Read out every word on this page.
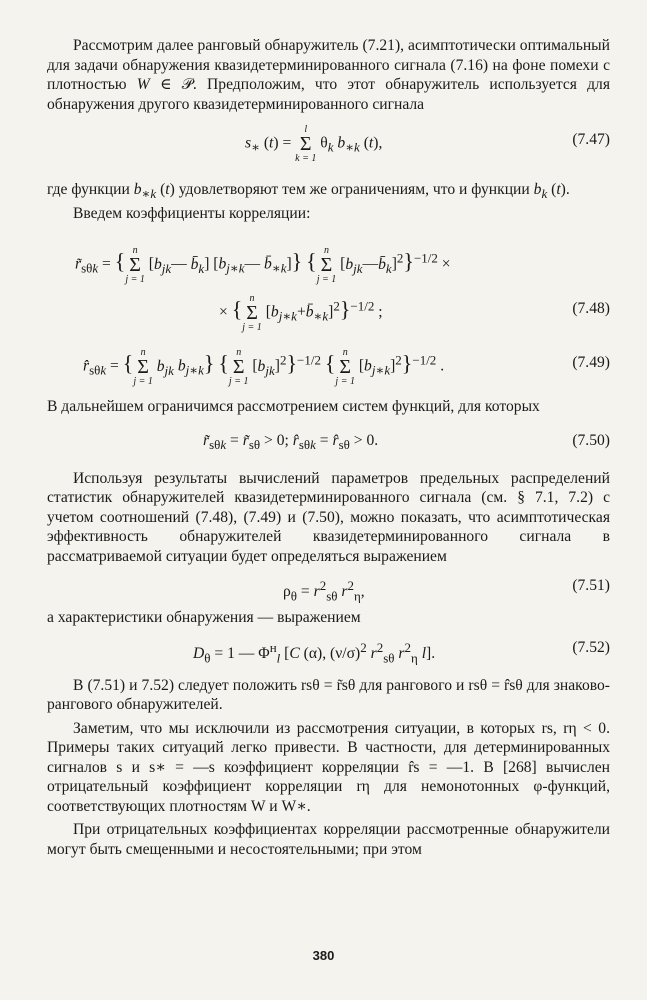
Рассмотрим далее ранговый обнаружитель (7.21), асимптотически оптимальный для задачи обнаружения квазидетерминированного сигнала (7.16) на фоне помехи с плотностью W ∈ 𝒫. Предположим, что этот обнаружитель используется для обнаружения другого квазидетерминированного сигнала

$s_∗$ (t) =
l
Σ
k = 1
$\theta_k$ $b_{∗k}$ (t),	(7.47)

где функции $b_{∗k}$ (t) удовлетворяют тем же ограничениям, что и функции $b_k$ (t).

Введем коэффициенты корреляции:

$r̃_{s\theta k}$ = { n
Σ
j = 1
[$b_{jk}—$ $b̄_k$] [$b_{j∗k}—$ $b̄_{∗k}$]} { n
Σ
j = 1
$[b_{jk}—b̄_k]^2\}^{-1/2}$ ×
× { n
Σ
j = 1
$[b_{j∗k}+b̄_{∗k}]^2\}^{-1/2}$ ;	(7.48)
$r̂_{s\theta k}$ = { n
Σ
j = 1
$b_{jk}$ $b_{j∗k}$} { n
Σ
j = 1
$[b_{jk}]^2\}^{-1/2}$ { n
Σ
j = 1
$[b_{j∗k}]^2\}^{-1/2}$ .	(7.49)

В дальнейшем ограничимся рассмотрением систем функций, для которых

$r̃_{s\theta k}$ = $r̃_{s\theta} > 0$; $r̂_{s\theta k}$ = $r̂_{s\theta} > 0$.	(7.50)

Используя результаты вычислений параметров предельных распределений статистик обнаружителей квазидетерминированного сигнала (см. § 7.1, 7.2) с учетом соотношений (7.48), (7.49) и (7.50), можно показать, что асимптотическая эффективность обнаружителей квазидетерминированного сигнала в рассматриваемой ситуации будет определяться выражением

$\rho_\theta = r^2_{s\theta}$ $r^2_\eta$,	(7.51)

а характеристики обнаружения — выражением

$D_\theta = 1$ — $\Phi^н_l$ [C (α), $(\nu/\sigma)^2$ $r^2_{s\theta}$ $r^2_\eta$ l].	(7.52)

В (7.51) и 7.52) следует положить rsθ = r̃sθ для рангового и rsθ = r̂sθ для знаково-рангового обнаружителей.

Заметим, что мы исключили из рассмотрения ситуации, в которых rs, rη < 0. Примеры таких ситуаций легко привести. В частности, для детерминированных сигналов s и s∗ = —s коэффициент корреляции r̂s = —1. В [268] вычислен отрицательный коэффициент корреляции rη для немонотонных φ-функций, соответствующих плотностям W и W∗.

При отрицательных коэффициентах корреляции рассмотренные обнаружители могут быть смещенными и несостоятельными; при этом

380
